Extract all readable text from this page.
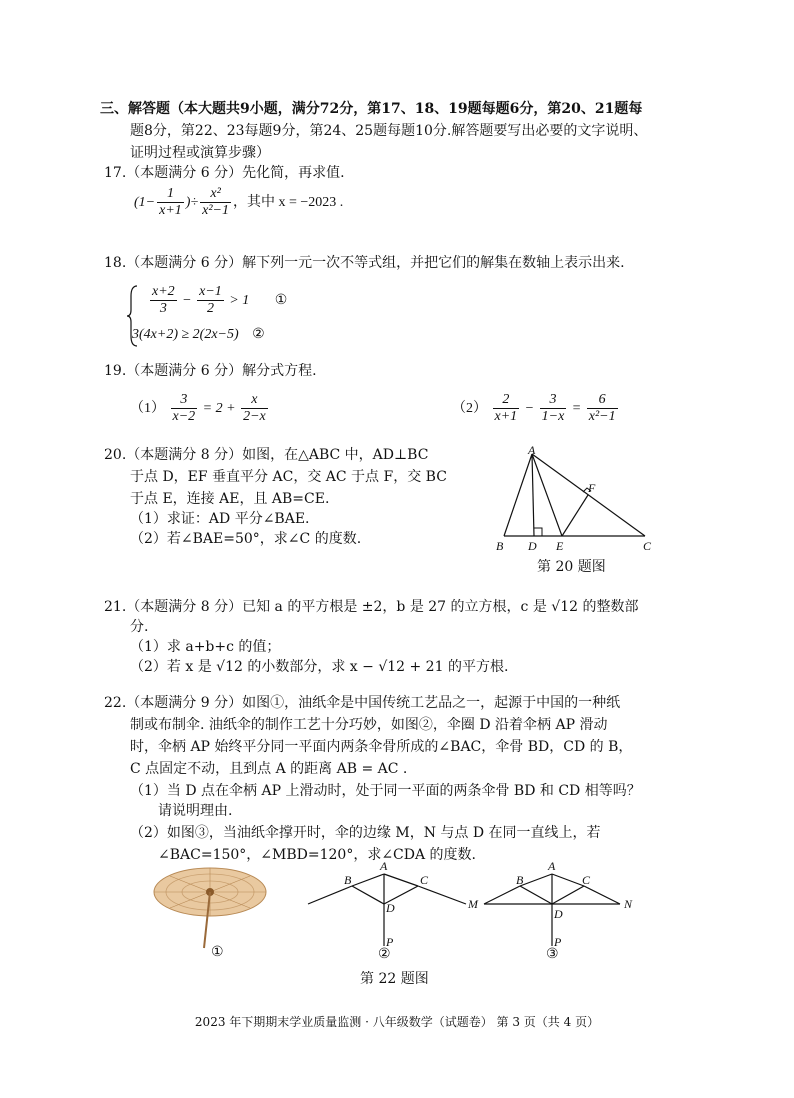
三、解答题（本大题共9小题，满分72分，第17、18、19题每题6分，第20、21题每
题8分，第22、23每题9分，第24、25题每题10分.解答题要写出必要的文字说明、
证明过程或演算步骤）
17.（本题满分 6 分）先化简，再求值.
($1- \frac{1}{x+1}$ )÷ $\frac{\text{x²}}{\text{x²−1}}$ ，其中 x = −2023 .
18.（本题满分 6 分）解下列一元一次不等式组，并把它们的解集在数轴上表示出来.
$\frac{x+2}{3} - \frac{x-1}{2} > 1$ ①
3(4x+2) ≥ 2(2x−5) ②
19.（本题满分 6 分）解分式方程.
$(1) \frac{3}{x-2} = 2 + \frac{x}{2-x}$	$(2) \frac{2}{x+1} - \frac{3}{1-x} = \frac{6}{\text{x²−1}}$
20.（本题满分 8 分）如图，在△ABC 中，AD⊥BC
于点 D，EF 垂直平分 AC，交 AC 于点 F，交 BC
于点 E，连接 AE，且 AB=CE.
（1）求证：AD 平分∠BAE.
（2）若∠BAE=50°，求∠C 的度数.
A
B D E	C
F
第 20 题图
21.（本题满分 8 分）已知 a 的平方根是 ±2，b 是 27 的立方根，c 是 √12 的整数部
分.
（1）求 a+b+c 的值；
（2）若 x 是 √12 的小数部分，求 x − √12 + 21 的平方根.
22.（本题满分 9 分）如图①，油纸伞是中国传统工艺品之一，起源于中国的一种纸
制或布制伞. 油纸伞的制作工艺十分巧妙，如图②，伞圈 D 沿着伞柄 AP 滑动
时，伞柄 AP 始终平分同一平面内两条伞骨所成的∠BAC，伞骨 BD，CD 的 B，
C 点固定不动，且到点 A 的距离 AB = AC .
（1）当 D 点在伞柄 AP 上滑动时，处于同一平面的两条伞骨 BD 和 CD 相等吗？
请说明理由.
（2）如图③，当油纸伞撑开时，伞的边缘 M，N 与点 D 在同一直线上，若
∠BAC=150°，∠MBD=120°，求∠CDA 的度数.
①
A
B	C
D
P
②
A
B	C
D
M	N
P
③
第 22 题图
2023 年下期期末学业质量监测 · 八年级数学（试题卷） 第 3 页（共 4 页）
